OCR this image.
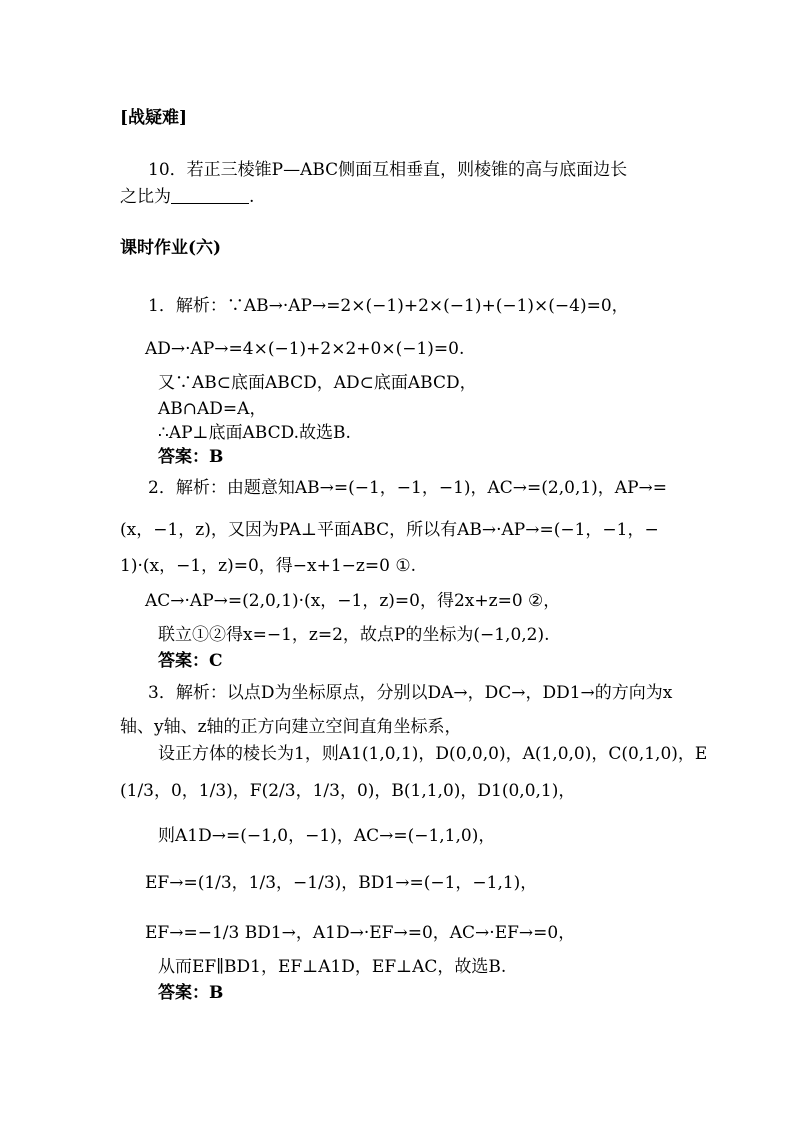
[战疑难]
10．若正三棱锥P—ABC侧面互相垂直，则棱锥的高与底面边长
之比为	.
课时作业(六)
1．解析：∵AB→·AP→=2×(−1)+2×(−1)+(−1)×(−4)=0，
AD→·AP→=4×(−1)+2×2+0×(−1)=0.
又∵AB⊂底面ABCD，AD⊂底面ABCD，
AB∩AD=A，
∴AP⊥底面ABCD.故选B.
答案：B
2．解析：由题意知AB→=(−1，−1，−1)，AC→=(2,0,1)，AP→=
(x，−1，z)，又因为PA⊥平面ABC，所以有AB→·AP→=(−1，−1，−
1)·(x，−1，z)=0，得−x+1−z=0 ①.
AC→·AP→=(2,0,1)·(x，−1，z)=0，得2x+z=0 ②，
联立①②得x=−1，z=2，故点P的坐标为(−1,0,2).
答案：C
3．解析：以点D为坐标原点，分别以DA→，DC→，DD1→的方向为x
轴、y轴、z轴的正方向建立空间直角坐标系，
设正方体的棱长为1，则A1(1,0,1)，D(0,0,0)，A(1,0,0)，C(0,1,0)，E
(1/3，0，1/3)，F(2/3，1/3，0)，B(1,1,0)，D1(0,0,1)，
则A1D→=(−1,0，−1)，AC→=(−1,1,0)，
EF→=(1/3，1/3，−1/3)，BD1→=(−1，−1,1)，
EF→=−1/3 BD1→，A1D→·EF→=0，AC→·EF→=0，
从而EF∥BD1，EF⊥A1D，EF⊥AC，故选B.
答案：B
